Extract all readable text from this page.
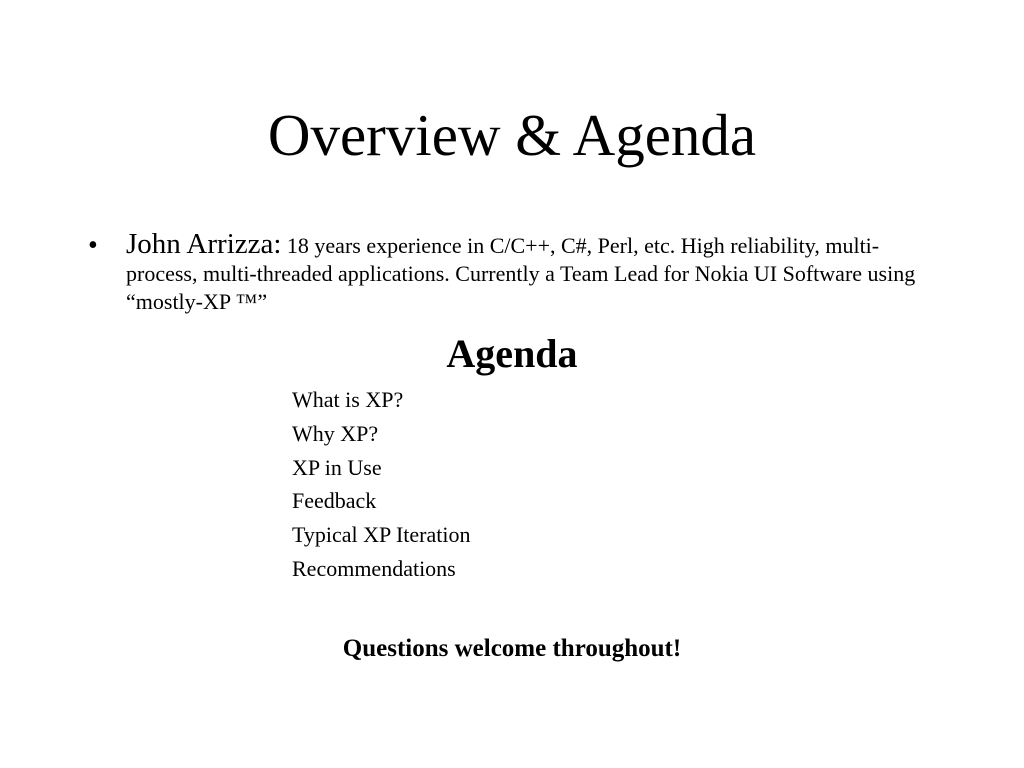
Overview & Agenda
• John Arrizza: 18 years experience in C/C++, C#, Perl, etc. High reliability, multi-process, multi-threaded applications. Currently a Team Lead for Nokia UI Software using “mostly-XP ™”
Agenda
What is XP?
Why XP?
XP in Use
Feedback
Typical XP Iteration
Recommendations
Questions welcome throughout!
